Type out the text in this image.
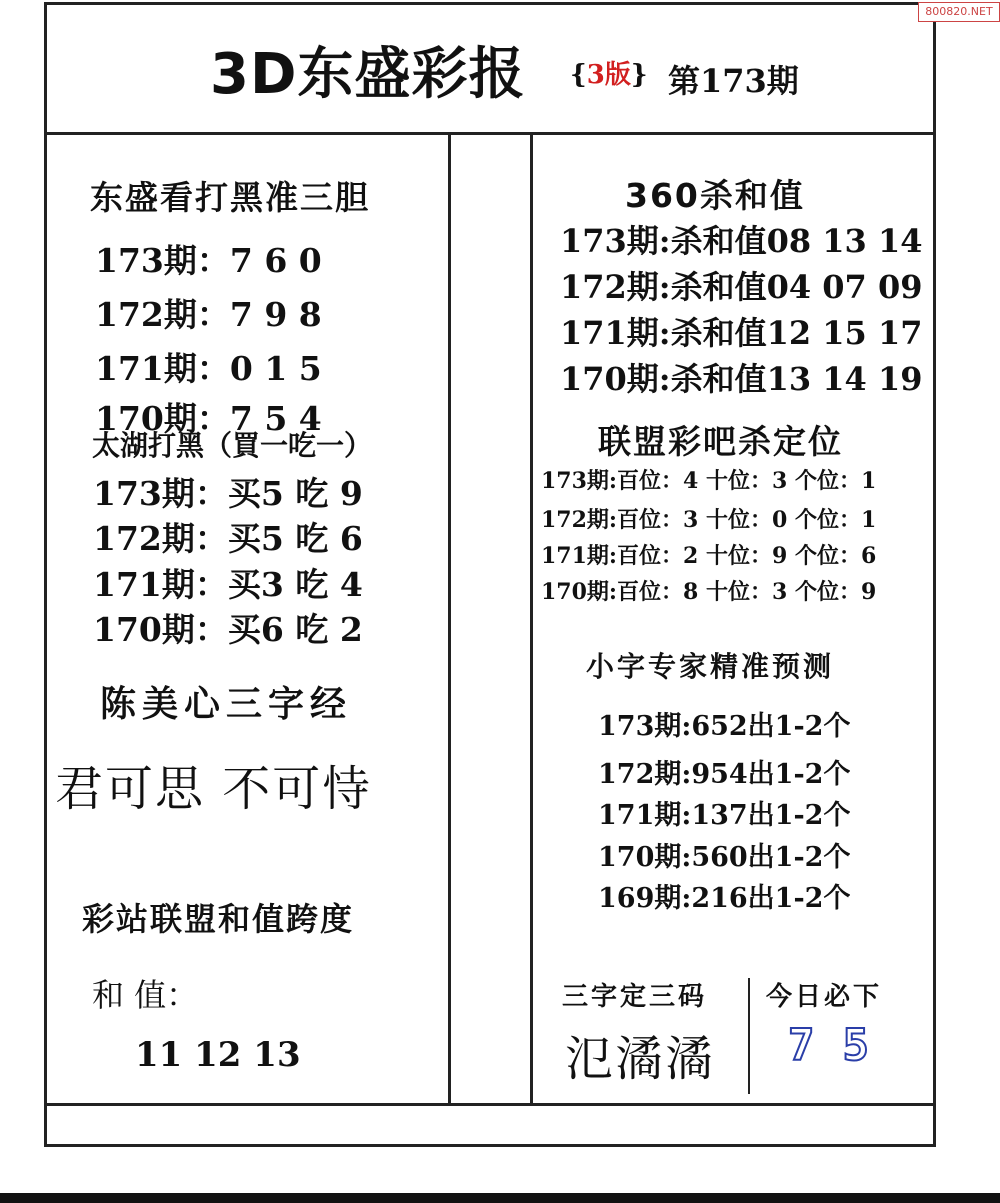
800820.NET
3D东盛彩报 {3版} 第173期
东盛看打黑准三胆
173期：7 6 0
172期：7 9 8
171期：0 1 5
170期：7 5 4
太湖打黑（買一吃一）
173期：买5 吃 9
172期：买5 吃 6
171期：买3 吃 4
170期：买6 吃 2
陈美心三字经
君可思 不可恃
彩站联盟和值跨度
和 值：
11 12 13
360杀和值
173期:杀和值08 13 14
172期:杀和值04 07 09
171期:杀和值12 15 17
170期:杀和值13 14 19
联盟彩吧杀定位
173期:百位：4 十位：3 个位：1
172期:百位：3 十位：0 个位：1
171期:百位：2 十位：9 个位：6
170期:百位：8 十位：3 个位：9
小字专家精准预测
173期:652出1-2个
172期:954出1-2个
171期:137出1-2个
170期:560出1-2个
169期:216出1-2个
三字定三码
氾潏潏
今日必下
75
